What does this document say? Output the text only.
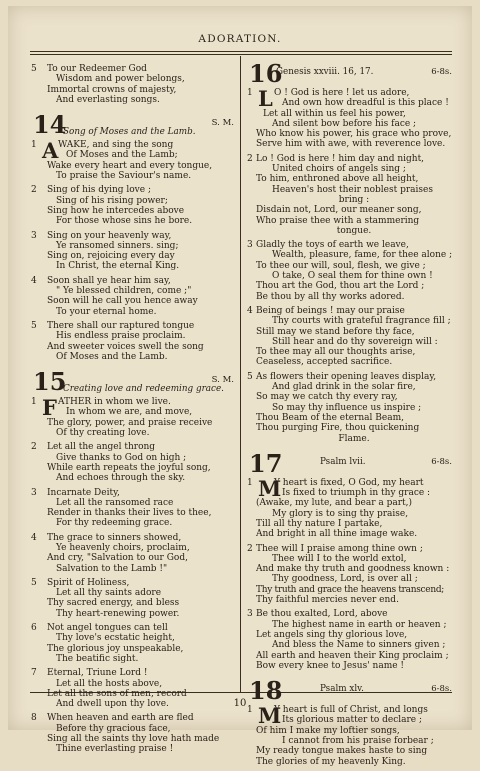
ADORATION.
5	To our Redeemer God
Wisdom and power belongs,
Immortal crowns of majesty,
And everlasting songs.
14	S. M.
Song of Moses and the Lamb.
1 A WAKE, and sing the song
Of Moses and the Lamb;
Wake every heart and every tongue,
To praise the Saviour's name.
2	Sing of his dying love ;
Sing of his rising power;
Sing how he intercedes above
For those whose sins he bore.
3	Sing on your heavenly way,
Ye ransomed sinners. sing;
Sing on, rejoicing every day
In Christ, the eternal King.
4	Soon shall ye hear him say,
" Ye blessed children, come ;"
Soon will he call you hence away
To your eternal home.
5	There shall our raptured tongue
His endless praise proclaim.
And sweeter voices swell the song
Of Moses and the Lamb.
15	S. M.
Creating love and redeeming grace.
1 F ATHER in whom we live.
In whom we are, and move,
The glory, power, and praise receive
Of thy creating love.
2	Let all the angel throng
Give thanks to God on high ;
While earth repeats the joyful song,
And echoes through the sky.
3	Incarnate Deity,
Let all the ransomed race
Render in thanks their lives to thee,
For thy redeeming grace.
4	The grace to sinners showed,
Ye heavenly choirs, proclaim,
And cry, "Salvation to our God,
Salvation to the Lamb !"
5	Spirit of Holiness,
Let all thy saints adore
Thy sacred energy, and bless
Thy heart-renewing power.
6	Not angel tongues can tell
Thy love's ecstatic height,
The glorious joy unspeakable,
The beatific sight.
7	Eternal, Triune Lord !
Let all the hosts above,
Let all the sons of men, record
And dwell upon thy love.
8	When heaven and earth are fled
Before thy gracious face,
Sing all the saints thy love hath made
Thine everlasting praise !
16
Genesis xxviii. 16, 17.	6-8s.
1 L O ! God is here ! let us adore,
And own how dreadful is this place !
Let all within us feel his power,
And silent bow before his face ;
Who know his power, his grace who prove,
Serve him with awe, with reverence love.
2 Lo ! God is here ! him day and night,
United choirs of angels sing ;
To him, enthroned above all height,
Heaven's host their noblest praises
bring :
Disdain not, Lord, our meaner song,
Who praise thee with a stammering
tongue.
3 Gladly the toys of earth we leave,
Wealth, pleasure, fame, for thee alone ;
To thee our will, soul, flesh, we give ;
O take, O seal them for thine own !
Thou art the God, thou art the Lord ;
Be thou by all thy works adored.
4 Being of beings ! may our praise
Thy courts with grateful fragrance fill ;
Still may we stand before thy face,
Still hear and do thy sovereign will :
To thee may all our thoughts arise,
Ceaseless, accepted sacrifice.
5 As flowers their opening leaves display,
And glad drink in the solar fire,
So may we catch thy every ray,
So may thy influence us inspire ;
Thou Beam of the eternal Beam,
Thou purging Fire, thou quickening
Flame.
17	Psalm lvii.	6-8s.
1 M
Y heart is fixed, O God, my heart
Is fixed to triumph in thy grace :
(Awake, my lute, and bear a part,)
My glory is to sing thy praise,
Till all thy nature I partake,
And bright in all thine image wake.
2 Thee will I praise among thine own ;
Thee will I to the world extol,
And make thy truth and goodness known :
Thy goodness, Lord, is over all ;
Thy truth and grace the heavens transcend;
Thy faithful mercies never end.
3 Be thou exalted, Lord, above
The highest name in earth or heaven ;
Let angels sing thy glorious love,
And bless the Name to sinners given ;
All earth and heaven their King proclaim ;
Bow every knee to Jesus' name !
18	Psalm xlv.	6-8s.
1 M
Y heart is full of Christ, and longs
Its glorious matter to declare ;
Of him I make my loftier songs,
I cannot from his praise forbear ;
My ready tongue makes haste to sing
The glories of my heavenly King.
10
